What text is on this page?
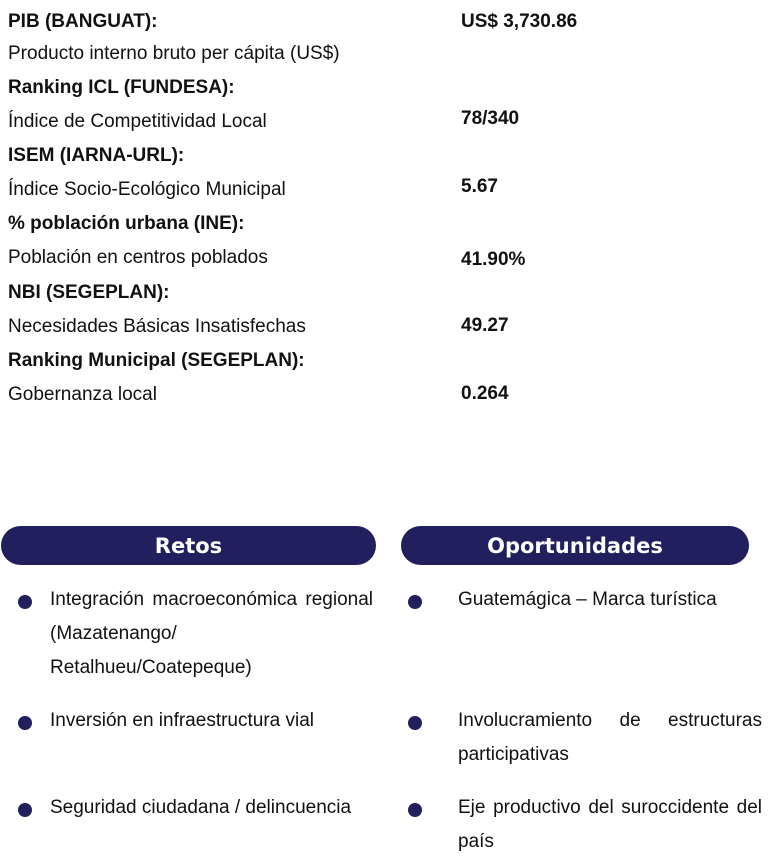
PIB (BANGUAT):	US$ 3,730.86
Producto interno bruto per cápita (US$)
Ranking ICL (FUNDESA):
Índice de Competitividad Local	78/340
ISEM (IARNA-URL):
Índice Socio-Ecológico Municipal	5.67
% población urbana (INE):
Población en centros poblados	41.90%
NBI (SEGEPLAN):
Necesidades Básicas Insatisfechas	49.27
Ranking Municipal (SEGEPLAN):
Gobernanza local	0.264
Retos	Oportunidades
Integración macroeconómica regional (Mazatenango/ Retalhueu/Coatepeque)
Inversión en infraestructura vial
Seguridad ciudadana / delincuencia
Guatemágica – Marca turística
Involucramiento de estructuras participativas
Eje productivo del suroccidente del país
